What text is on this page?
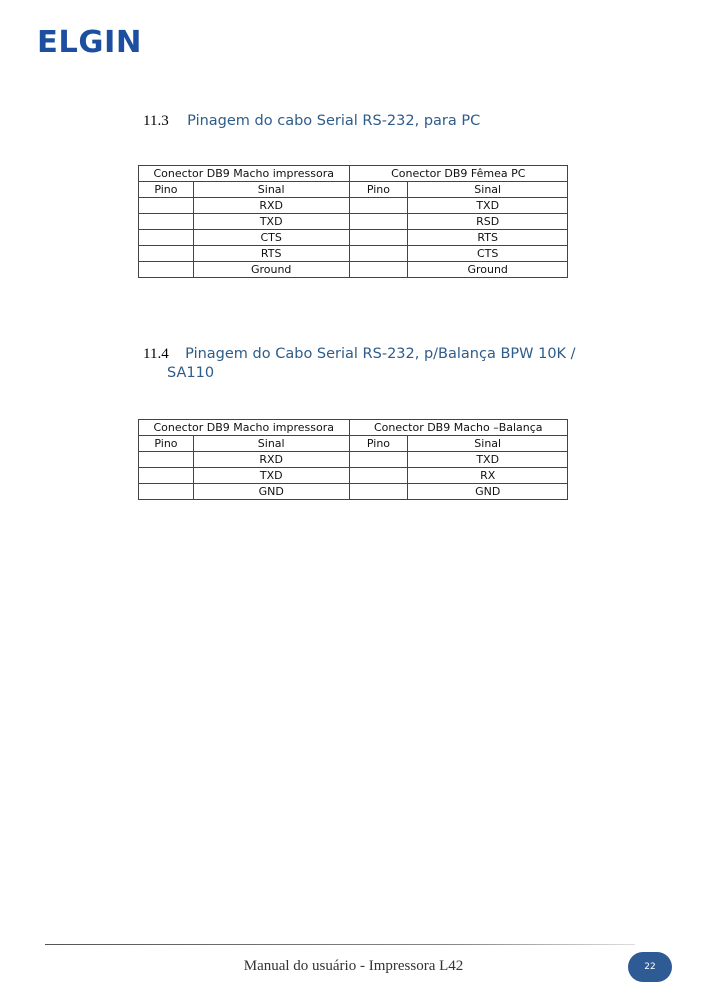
ELGIN
11.3 Pinagem do cabo Serial RS-232, para PC
Conector DB9 Macho impressora		Conector DB9 Fêmea PC	
Pino	Sinal	Pino	Sinal
	RXD		TXD
	TXD		RSD
	CTS		RTS
	RTS		CTS
	Ground		Ground
11.4 Pinagem do Cabo Serial RS-232, p/Balança BPW 10K /
SA110
Conector DB9 Macho impressora		Conector DB9 Macho –Balança	
Pino	Sinal	Pino	Sinal
	RXD		TXD
	TXD		RX
	GND		GND
Manual do usuário - Impressora L42	22
